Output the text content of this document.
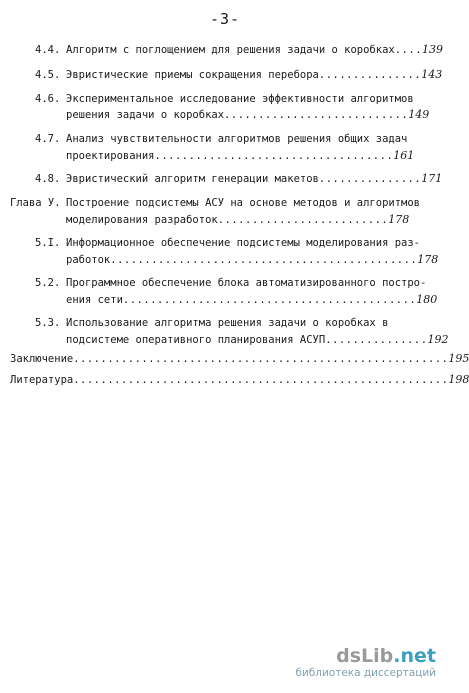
-3-
4.4. Алгоритм с поглощением для решения задачи о коробках....139
4.5. Эвристические приемы сокращения перебора...............143
4.6. Экспериментальное исследование эффективности алгоритмов
решения задачи о коробках...........................149
4.7. Анализ чувствительности алгоритмов решения общих задач
проектирования...................................161
4.8. Эвристический алгоритм генерации макетов...............171
Глава У. Построение подсистемы АСУ на основе методов и алгоритмов
моделирования разработок.........................178
5.I. Информационное обеспечение подсистемы моделирования раз-
работок.............................................178
5.2. Программное обеспечение блока автоматизированного постро-
ения сети...........................................180
5.3. Использование алгоритма решения задачи о коробках в
подсистеме оперативного планирования АСУП...............192
Заключение.......................................................195
Литература.......................................................198
dsLib.net
библиотека диссертаций
